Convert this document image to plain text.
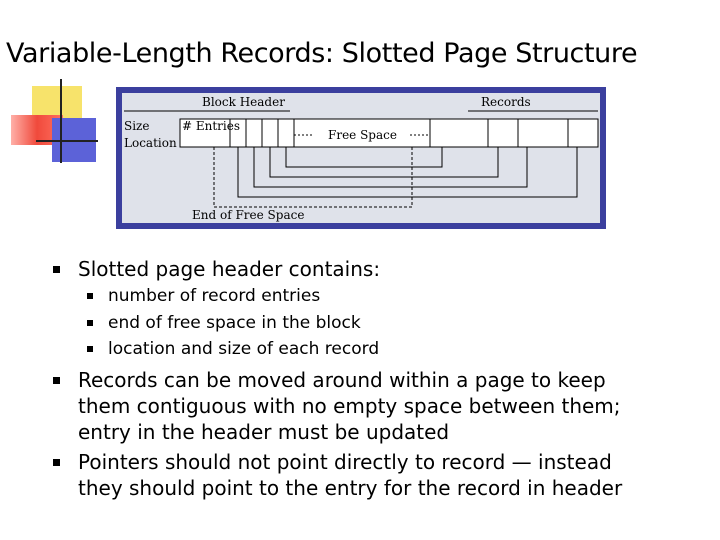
Variable-Length Records: Slotted Page Structure
Block Header	Records
# Entries
Free Space
Size
Location
End of Free Space
Slotted page header contains:
number of record entries
end of free space in the block
location and size of each record
Records can be moved around within a page to keep
them contiguous with no empty space between them;
entry in the header must be updated
Pointers should not point directly to record — instead
they should point to the entry for the record in header
